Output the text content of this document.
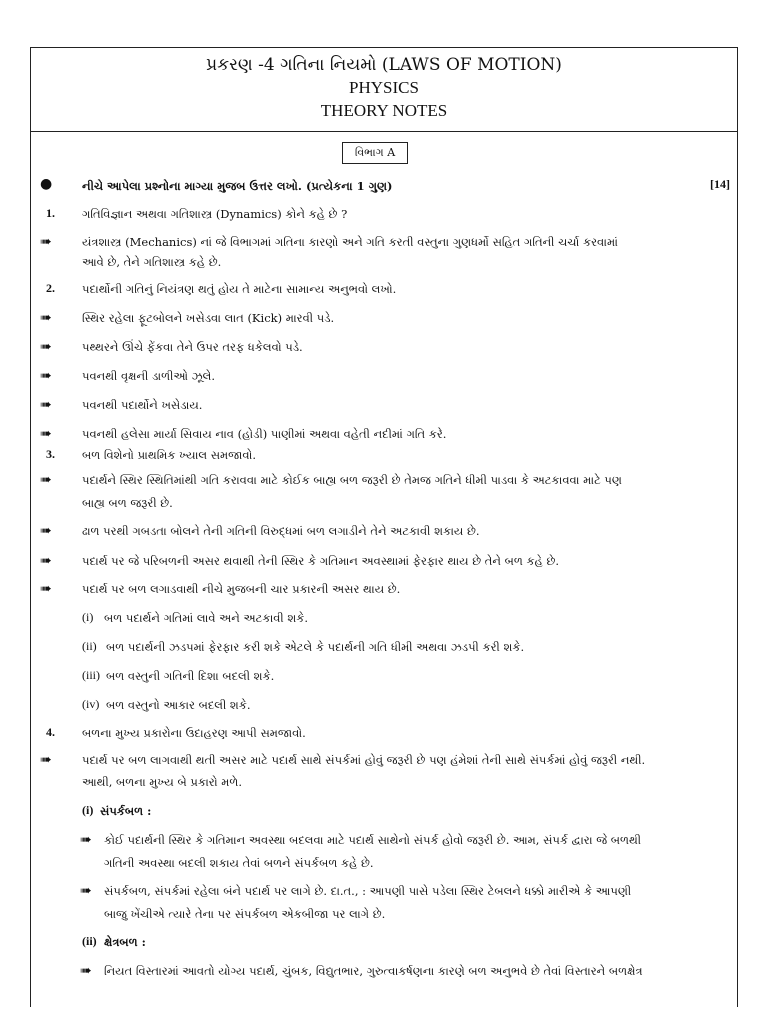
પ્રકરણ -4 ગતિના નિયમો (LAWS OF MOTION)
PHYSICS
THEORY NOTES
વિભાગ A
●	નીચે આપેલા પ્રશ્નોના માગ્યા મુજબ ઉત્તર લખો. (પ્રત્યેકના 1 ગુણ)	[14]
1. ગતિવિજ્ઞાન અથવા ગતિશાસ્ત્ર (Dynamics) કોને કહે છે ?
➠	યંત્રશાસ્ત્ર (Mechanics) નાં જે વિભાગમાં ગતિના કારણો અને ગતિ કરતી વસ્તુના ગુણધર્મો સહિત ગતિની ચર્ચા કરવામાં
આવે છે, તેને ગતિશાસ્ત્ર કહે છે.
2. પદાર્થોની ગતિનું નિયંત્રણ થતું હોય તે માટેના સામાન્ય અનુભવો લખો.
➠	સ્થિર રહેલા ફૂટબોલને ખસેડવા લાત (Kick) મારવી પડે.
➠	પથ્થરને ઊંચે ફેંકવા તેને ઉપર તરફ ધકેલવો પડે.
➠	પવનથી વૃક્ષની ડાળીઓ ઝૂલે.
➠	પવનથી પદાર્થોને ખસેડાય.
➠	પવનથી હલેસા માર્યા સિવાય નાવ (હોડી) પાણીમાં અથવા વહેતી નદીમાં ગતિ કરે.
3. બળ વિશેનો પ્રાથમિક ખ્યાલ સમજાવો.
➠	પદાર્થને સ્થિર સ્થિતિમાંથી ગતિ કરાવવા માટે કોઈક બાહ્ય બળ જરૂરી છે તેમજ ગતિને ધીમી પાડવા કે અટકાવવા માટે પણ
બાહ્ય બળ જરૂરી છે.
➠	ઢાળ પરથી ગબડતા બોલને તેની ગતિની વિરુદ્ધમાં બળ લગાડીને તેને અટકાવી શકાય છે.
➠	પદાર્થ પર જે પરિબળની અસર થવાથી તેની સ્થિર કે ગતિમાન અવસ્થામાં ફેરફાર થાય છે તેને બળ કહે છે.
➠	પદાર્થ પર બળ લગાડવાથી નીચે મુજબની ચાર પ્રકારની અસર થાય છે.
(i) બળ પદાર્થને ગતિમાં લાવે અને અટકાવી શકે.
(ii) બળ પદાર્થની ઝડપમાં ફેરફાર કરી શકે એટલે કે પદાર્થની ગતિ ધીમી અથવા ઝડપી કરી શકે.
(iii) બળ વસ્તુની ગતિની દિશા બદલી શકે.
(iv) બળ વસ્તુનો આકાર બદલી શકે.
4. બળના મુખ્ય પ્રકારોના ઉદાહરણ આપી સમજાવો.
➠	પદાર્થ પર બળ લાગવાથી થતી અસર માટે પદાર્થ સાથે સંપર્કમાં હોવું જરૂરી છે પણ હંમેશાં તેની સાથે સંપર્કમાં હોવું જરૂરી નથી.
આથી, બળના મુખ્ય બે પ્રકારો મળે.
(i) સંપર્કબળ :
➠ કોઈ પદાર્થની સ્થિર કે ગતિમાન અવસ્થા બદલવા માટે પદાર્થ સાથેનો સંપર્ક હોવો જરૂરી છે. આમ, સંપર્ક દ્વારા જે બળથી
ગતિની અવસ્થા બદલી શકાય તેવાં બળને સંપર્કબળ કહે છે.
➠ સંપર્કબળ, સંપર્કમાં રહેલા બંને પદાર્થ પર લાગે છે. દા.ત., : આપણી પાસે પડેલા સ્થિર ટેબલને ધક્કો મારીએ કે આપણી
બાજુ ખેંચીએ ત્યારે તેના પર સંપર્કબળ એકબીજા પર લાગે છે.
(ii) ક્ષેત્રબળ :
➠ નિયત વિસ્તારમાં આવતો યોગ્ય પદાર્થ, ચુંબક, વિદ્યુતભાર, ગુરુત્વાકર્ષણના કારણે બળ અનુભવે છે તેવાં વિસ્તારને બળક્ષેત્ર
